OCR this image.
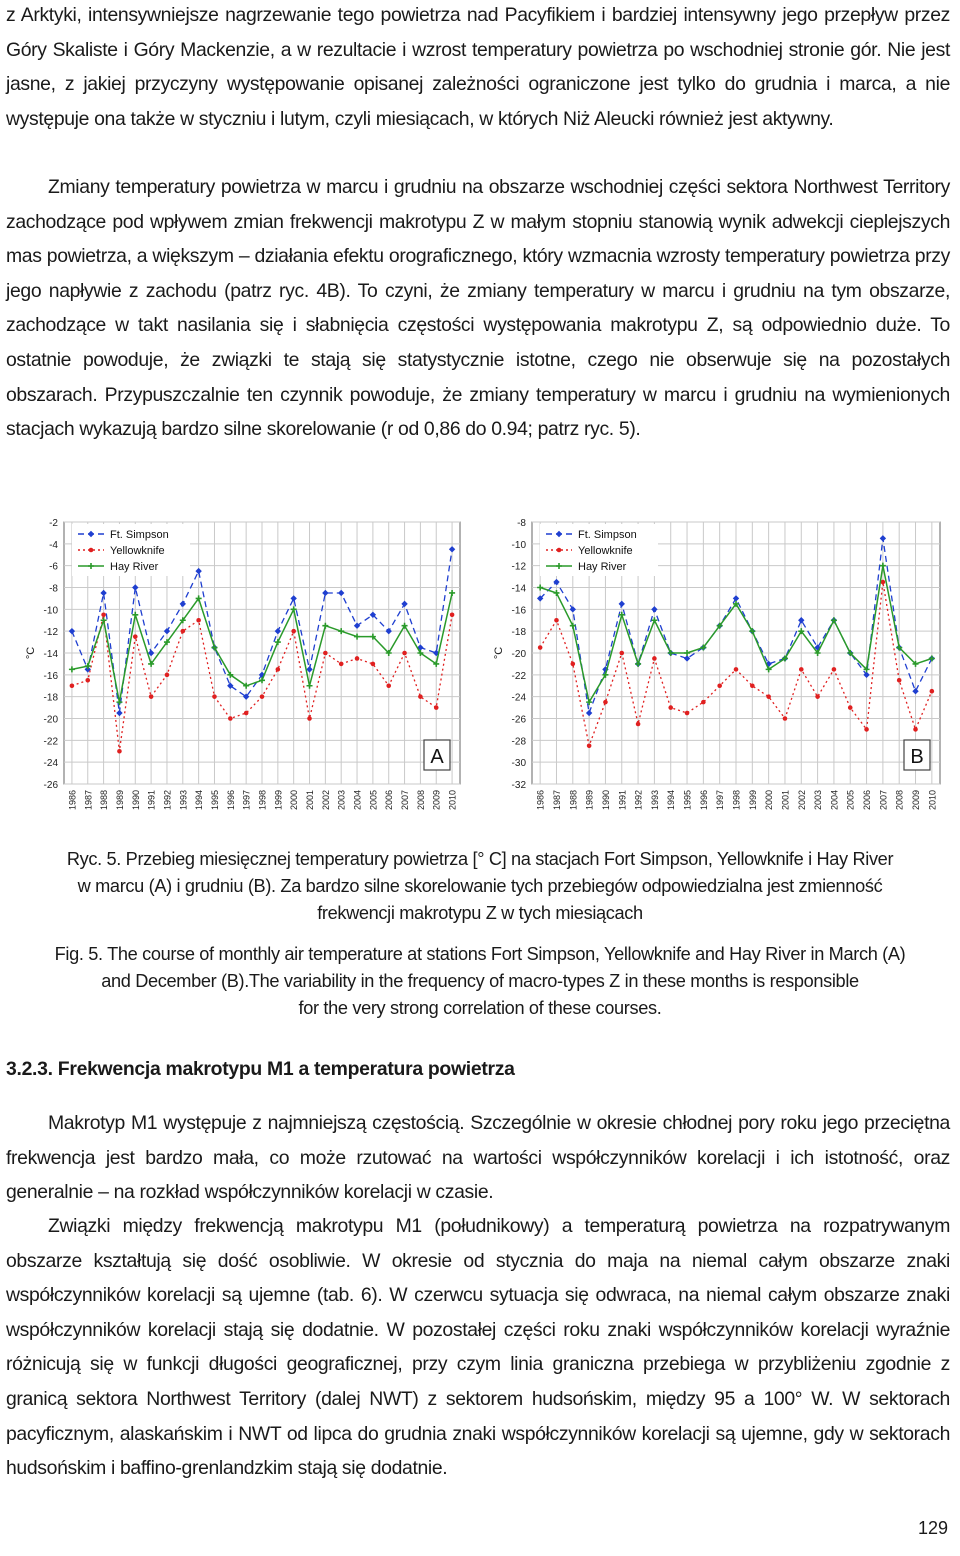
z Arktyki, intensywniejsze nagrzewanie tego powietrza nad Pacyfikiem i bardziej intensywny jego przepływ przez Góry Skaliste i Góry Mackenzie, a w rezultacie i wzrost temperatury powietrza po wschodniej stronie gór. Nie jest jasne, z jakiej przyczyny występowanie opisanej zależności ograniczone jest tylko do grudnia i marca, a nie występuje ona także w styczniu i lutym, czyli miesiącach, w których Niż Aleucki również jest aktywny.

Zmiany temperatury powietrza w marcu i grudniu na obszarze wschodniej części sektora Northwest Territory zachodzące pod wpływem zmian frekwencji makrotypu Z w małym stopniu stanowią wynik adwekcji cieplejszych mas powietrza, a większym – działania efektu orograficznego, który wzmacnia wzrosty temperatury powietrza przy jego napływie z zachodu (patrz ryc. 4B). To czyni, że zmiany temperatury w marcu i grudniu na tym obszarze, zachodzące w takt nasilania się i słabnięcia częstości występowania makrotypu Z, są odpowiednio duże. To ostatnie powoduje, że związki te stają się statystycznie istotne, czego nie obserwuje się na pozostałych obszarach. Przypuszczalnie ten czynnik powoduje, że zmiany temperatury w marcu i grudniu na wymienionych stacjach wykazują bardzo silne skorelowanie (r od 0,86 do 0.94; patrz ryc. 5).

-2
-4
-6
-8
-10
-12
-14
-16
-18
-20
-22
-24
-26
°C
1986 1987 1988 1989 1990 1991 1992 1993 1994 1995 1996 1997 1998 1999 2000 2001 2002 2003 2004 2005 2006 2007 2008 2009 2010
Ft. Simpson
Yellowknife
Hay River
A
-8
-10
-12
-14
-16
-18
-20
-22
-24
-26
-28
-30
-32
°C
1986 1987 1988 1989 1990 1991 1992 1993 1994 1995 1996 1997 1998 1999 2000 2001 2002 2003 2004 2005 2006 2007 2008 2009 2010
Ft. Simpson
Yellowknife
Hay River
B

Ryc. 5. Przebieg miesięcznej temperatury powietrza [° C] na stacjach Fort Simpson, Yellowknife i Hay River
w marcu (A) i grudniu (B). Za bardzo silne skorelowanie tych przebiegów odpowiedzialna jest zmienność
frekwencji makrotypu Z w tych miesiącach

Fig. 5. The course of monthly air temperature at stations Fort Simpson, Yellowknife and Hay River in March (A)
and December (B).The variability in the frequency of macro-types Z in these months is responsible
for the very strong correlation of these courses.

3.2.3. Frekwencja makrotypu M1 a temperatura powietrza

Makrotyp M1 występuje z najmniejszą częstością. Szczególnie w okresie chłodnej pory roku jego przeciętna frekwencja jest bardzo mała, co może rzutować na wartości współczynników korelacji i ich istotność, oraz generalnie – na rozkład współczynników korelacji w czasie.

Związki między frekwencją makrotypu M1 (południkowy) a temperaturą powietrza na rozpatrywanym obszarze kształtują się dość osobliwie. W okresie od stycznia do maja na niemal całym obszarze znaki współczynników korelacji są ujemne (tab. 6). W czerwcu sytuacja się odwraca, na niemal całym obszarze znaki współczynników korelacji stają się dodatnie. W pozostałej części roku znaki współczynników korelacji wyraźnie różnicują się w funkcji długości geograficznej, przy czym linia graniczna przebiega w przybliżeniu zgodnie z granicą sektora Northwest Territory (dalej NWT) z sektorem hudsońskim, między 95 a 100° W. W sektorach pacyficznym, alaskańskim i NWT od lipca do grudnia znaki współczynników korelacji są ujemne, gdy w sektorach hudsońskim i baffino-grenlandzkim stają się dodatnie.

129
